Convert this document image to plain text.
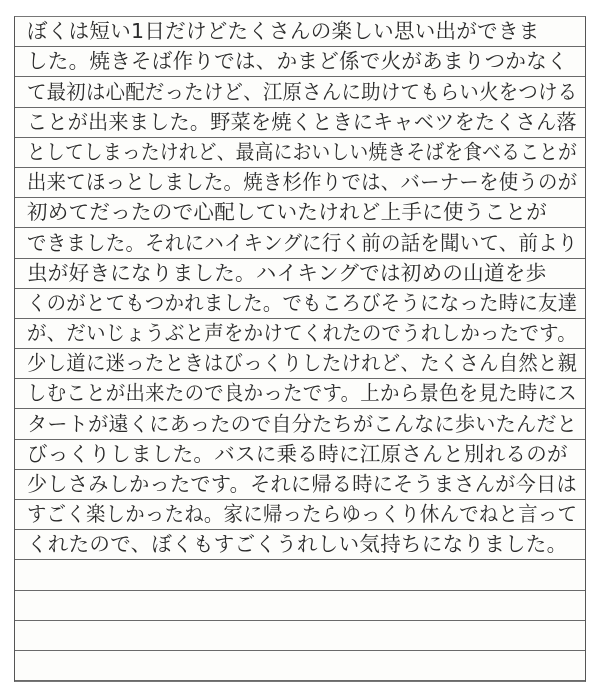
ぼくは短い1日だけどたくさんの楽しい思い出ができま
した。焼きそば作りでは、かまど係で火があまりつかなく
て最初は心配だったけど、江原さんに助けてもらい火をつける
ことが出来ました。野菜を焼くときにキャベツをたくさん落
としてしまったけれど、最高においしい焼きそばを食べることが
出来てほっとしました。焼き杉作りでは、バーナーを使うのが
初めてだったので心配していたけれど上手に使うことが
できました。それにハイキングに行く前の話を聞いて、前より
虫が好きになりました。ハイキングでは初めの山道を歩
くのがとてもつかれました。でもころびそうになった時に友達
が、だいじょうぶと声をかけてくれたのでうれしかったです。
少し道に迷ったときはびっくりしたけれど、たくさん自然と親
しむことが出来たので良かったです。上から景色を見た時にス
タートが遠くにあったので自分たちがこんなに歩いたんだと
びっくりしました。バスに乗る時に江原さんと別れるのが
少しさみしかったです。それに帰る時にそうまさんが今日は
すごく楽しかったね。家に帰ったらゆっくり休んでねと言って
くれたので、ぼくもすごくうれしい気持ちになりました。
